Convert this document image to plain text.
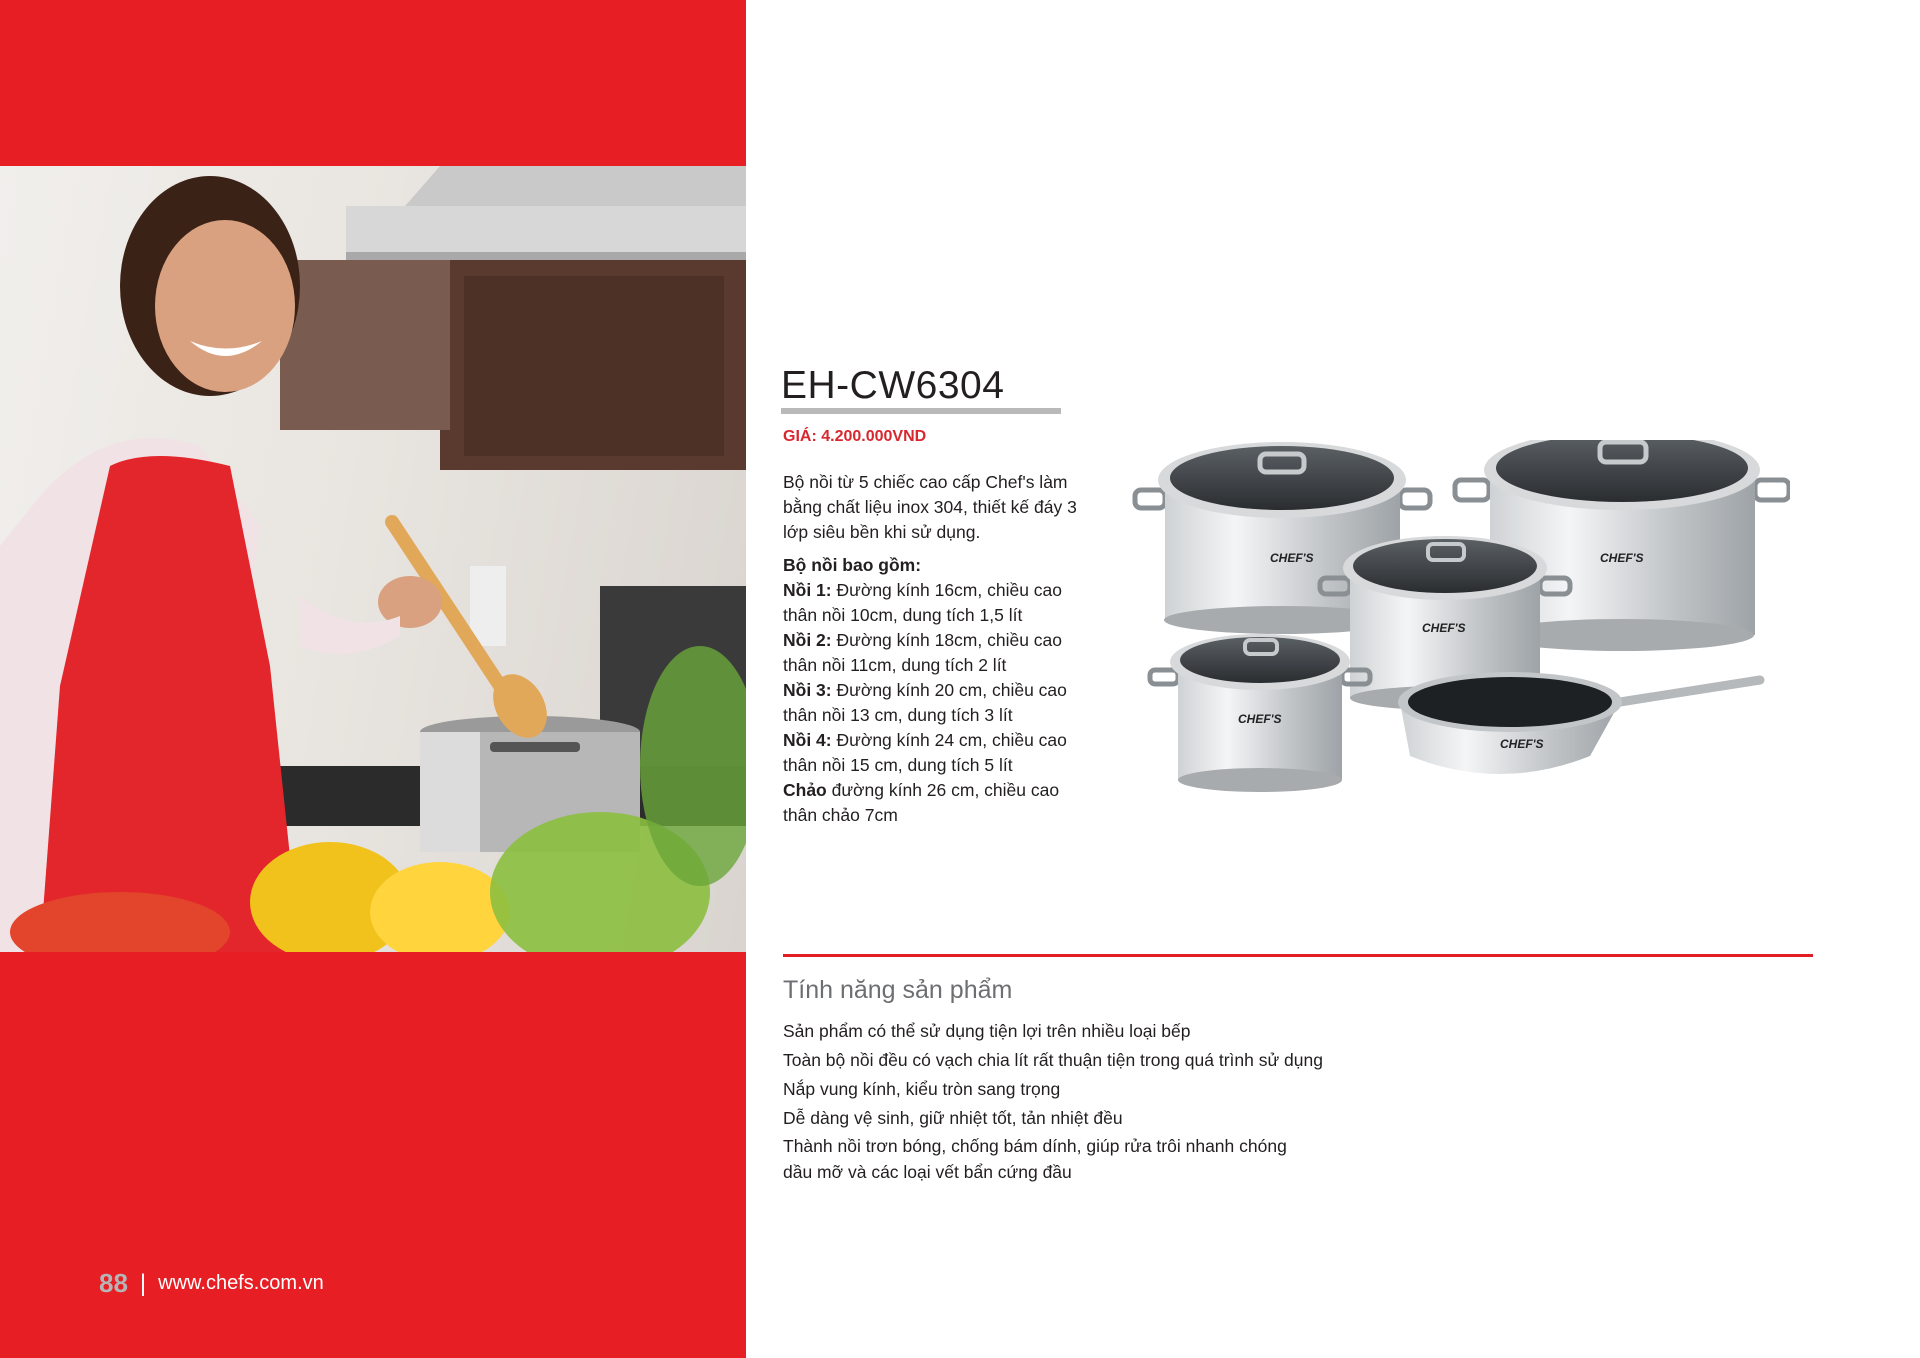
88 | www.chefs.com.vn
EH-CW6304
GIÁ: 4.200.000VND

Bộ nồi từ 5 chiếc cao cấp Chef's làm bằng chất liệu inox 304, thiết kế đáy 3 lớp siêu bền khi sử dụng.

Bộ nồi bao gồm:

Nồi 1: Đường kính 16cm, chiều cao thân nồi 10cm, dung tích 1,5 lít

Nồi 2: Đường kính 18cm, chiều cao thân nồi 11cm, dung tích 2 lít

Nồi 3: Đường kính 20 cm, chiều cao thân nồi 13 cm, dung tích 3 lít

Nồi 4: Đường kính 24 cm, chiều cao thân nồi 15 cm, dung tích 5 lít

Chảo đường kính 26 cm, chiều cao thân chảo 7cm

CHEF'S	CHEF'S
CHEF'S
CHEF'S
CHEF'S
Tính năng sản phẩm
Sản phẩm có thể sử dụng tiện lợi trên nhiều loại bếp
Toàn bộ nồi đều có vạch chia lít rất thuận tiện trong quá trình sử dụng
Nắp vung kính, kiểu tròn sang trọng
Dễ dàng vệ sinh, giữ nhiệt tốt, tản nhiệt đều
Thành nồi trơn bóng, chống bám dính, giúp rửa trôi nhanh chóng dầu mỡ và các loại vết bẩn cứng đầu
